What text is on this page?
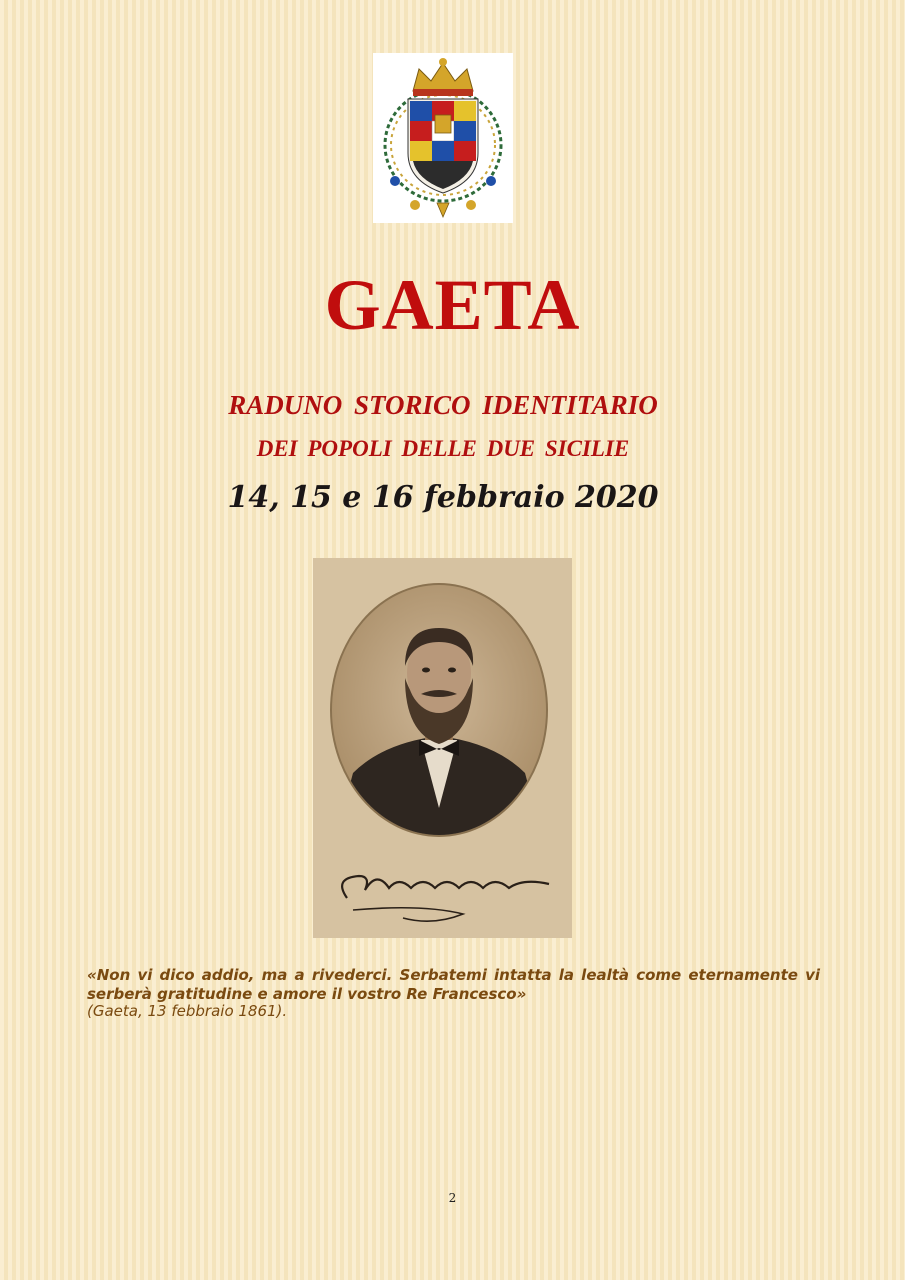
GAETA
RADUNO STORICO IDENTITARIO
DEI POPOLI DELLE DUE SICILIE
14, 15 e 16 febbraio 2020
«Non vi dico addio, ma a rivederci. Serbatemi intatta la lealtà come eternamente vi serberà gratitudine e amore il vostro Re Francesco»
(Gaeta, 13 febbraio 1861).
2
